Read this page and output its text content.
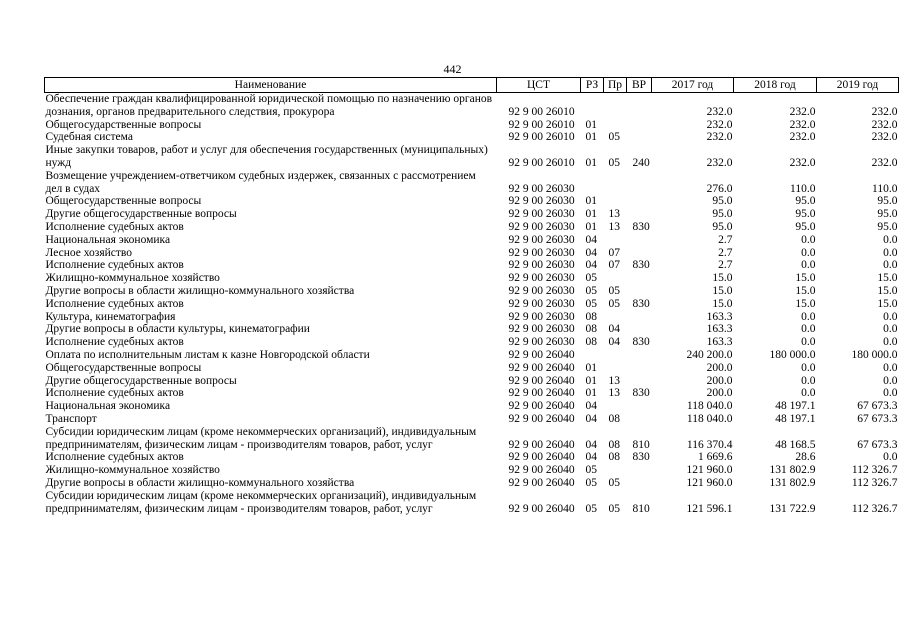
442
Наименование	ЦСТ	РЗ	Пр	ВР	2017 год	2018 год	2019 год
Обеспечение граждан квалифицированной юридической помощью по назначению органов дознания, органов предварительного следствия, прокурора	92 9 00 26010				232.0	232.0	232.0
Общегосударственные вопросы	92 9 00 26010	01			232.0	232.0	232.0
Судебная система	92 9 00 26010	01	05		232.0	232.0	232.0
Иные закупки товаров, работ и услуг для обеспечения государственных (муниципальных) нужд	92 9 00 26010	01	05	240	232.0	232.0	232.0
Возмещение учреждением-ответчиком судебных издержек, связанных с рассмотрением дел в судах	92 9 00 26030				276.0	110.0	110.0
Общегосударственные вопросы	92 9 00 26030	01			95.0	95.0	95.0
Другие общегосударственные вопросы	92 9 00 26030	01	13		95.0	95.0	95.0
Исполнение судебных актов	92 9 00 26030	01	13	830	95.0	95.0	95.0
Национальная экономика	92 9 00 26030	04			2.7	0.0	0.0
Лесное хозяйство	92 9 00 26030	04	07		2.7	0.0	0.0
Исполнение судебных актов	92 9 00 26030	04	07	830	2.7	0.0	0.0
Жилищно-коммунальное хозяйство	92 9 00 26030	05			15.0	15.0	15.0
Другие вопросы в области жилищно-коммунального хозяйства	92 9 00 26030	05	05		15.0	15.0	15.0
Исполнение судебных актов	92 9 00 26030	05	05	830	15.0	15.0	15.0
Культура, кинематография	92 9 00 26030	08			163.3	0.0	0.0
Другие вопросы в области культуры, кинематографии	92 9 00 26030	08	04		163.3	0.0	0.0
Исполнение судебных актов	92 9 00 26030	08	04	830	163.3	0.0	0.0
Оплата по исполнительным листам к казне Новгородской области	92 9 00 26040				240 200.0	180 000.0	180 000.0
Общегосударственные вопросы	92 9 00 26040	01			200.0	0.0	0.0
Другие общегосударственные вопросы	92 9 00 26040	01	13		200.0	0.0	0.0
Исполнение судебных актов	92 9 00 26040	01	13	830	200.0	0.0	0.0
Национальная экономика	92 9 00 26040	04			118 040.0	48 197.1	67 673.3
Транспорт	92 9 00 26040	04	08		118 040.0	48 197.1	67 673.3
Субсидии юридическим лицам (кроме некоммерческих организаций), индивидуальным предпринимателям, физическим лицам - производителям товаров, работ, услуг	92 9 00 26040	04	08	810	116 370.4	48 168.5	67 673.3
Исполнение судебных актов	92 9 00 26040	04	08	830	1 669.6	28.6	0.0
Жилищно-коммунальное хозяйство	92 9 00 26040	05			121 960.0	131 802.9	112 326.7
Другие вопросы в области жилищно-коммунального хозяйства	92 9 00 26040	05	05		121 960.0	131 802.9	112 326.7
Субсидии юридическим лицам (кроме некоммерческих организаций), индивидуальным предпринимателям, физическим лицам - производителям товаров, работ, услуг	92 9 00 26040	05	05	810	121 596.1	131 722.9	112 326.7
